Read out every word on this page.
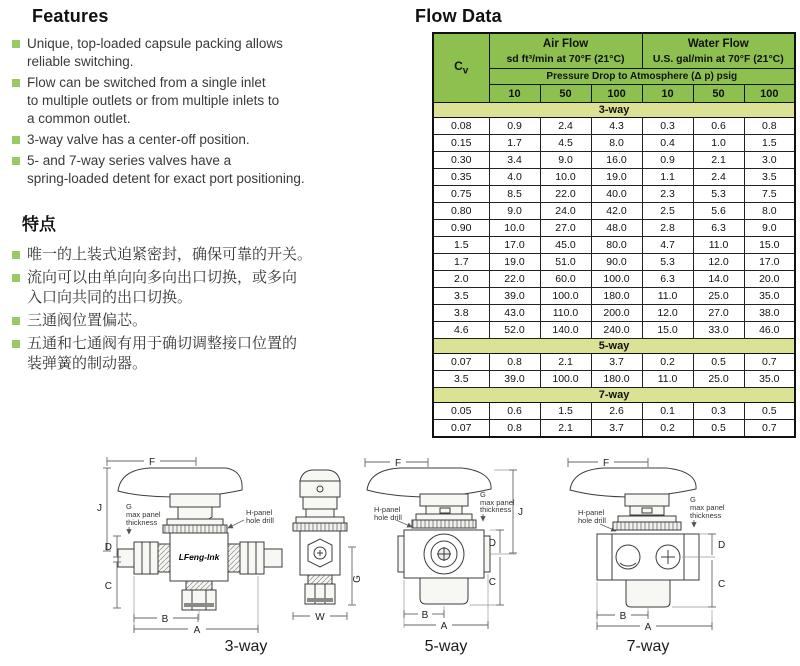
Features
Unique, top-loaded capsule packing allows
reliable switching.
Flow can be switched from a single inlet
to multiple outlets or from multiple inlets to
a common outlet.
3-way valve has a center-off position.
5- and 7-way series valves have a
spring-loaded detent for exact port positioning.
特点
唯一的上装式迫紧密封，确保可靠的开关。
流向可以由单向向多向出口切换，或多向
入口向共同的出口切换。
三通阀位置偏芯。
五通和七通阀有用于确切调整接口位置的
装弹簧的制动器。
Flow Data
$C_v$	
Air Flow
sd ft³/min at 70°F (21°C)

Water Flow
U.S. gal/min at 70°F (21°C)

	Pressure Drop to Atmosphere (Δ p) psig					
	10	50	100	10	50	100
3-way						
0.08	0.9	2.4	4.3	0.3	0.6	0.8
0.15	1.7	4.5	8.0	0.4	1.0	1.5
0.30	3.4	9.0	16.0	0.9	2.1	3.0
0.35	4.0	10.0	19.0	1.1	2.4	3.5
0.75	8.5	22.0	40.0	2.3	5.3	7.5
0.80	9.0	24.0	42.0	2.5	5.6	8.0
0.90	10.0	27.0	48.0	2.8	6.3	9.0
1.5	17.0	45.0	80.0	4.7	11.0	15.0
1.7	19.0	51.0	90.0	5.3	12.0	17.0
2.0	22.0	60.0	100.0	6.3	14.0	20.0
3.5	39.0	100.0	180.0	11.0	25.0	35.0
3.8	43.0	110.0	200.0	12.0	27.0	38.0
4.6	52.0	140.0	240.0	15.0	33.0	46.0
5-way						
0.07	0.8	2.1	3.7	0.2	0.5	0.7
3.5	39.0	100.0	180.0	11.0	25.0	35.0
7-way						
0.05	0.6	1.5	2.6	0.1	0.3	0.5
0.07	0.8	2.1	3.7	0.2	0.5	0.7
F
LFeng-lnk
J	G
max panel
thickness
H-panel
hole drill
D
C
B
A
3-way
W
G
F
H-panel
hole drill
G
max panel
thickness J
D
C
B
A
5-way
F
G
max panel
thickness
H-panel
hole drill
D
C
B
A
7-way
